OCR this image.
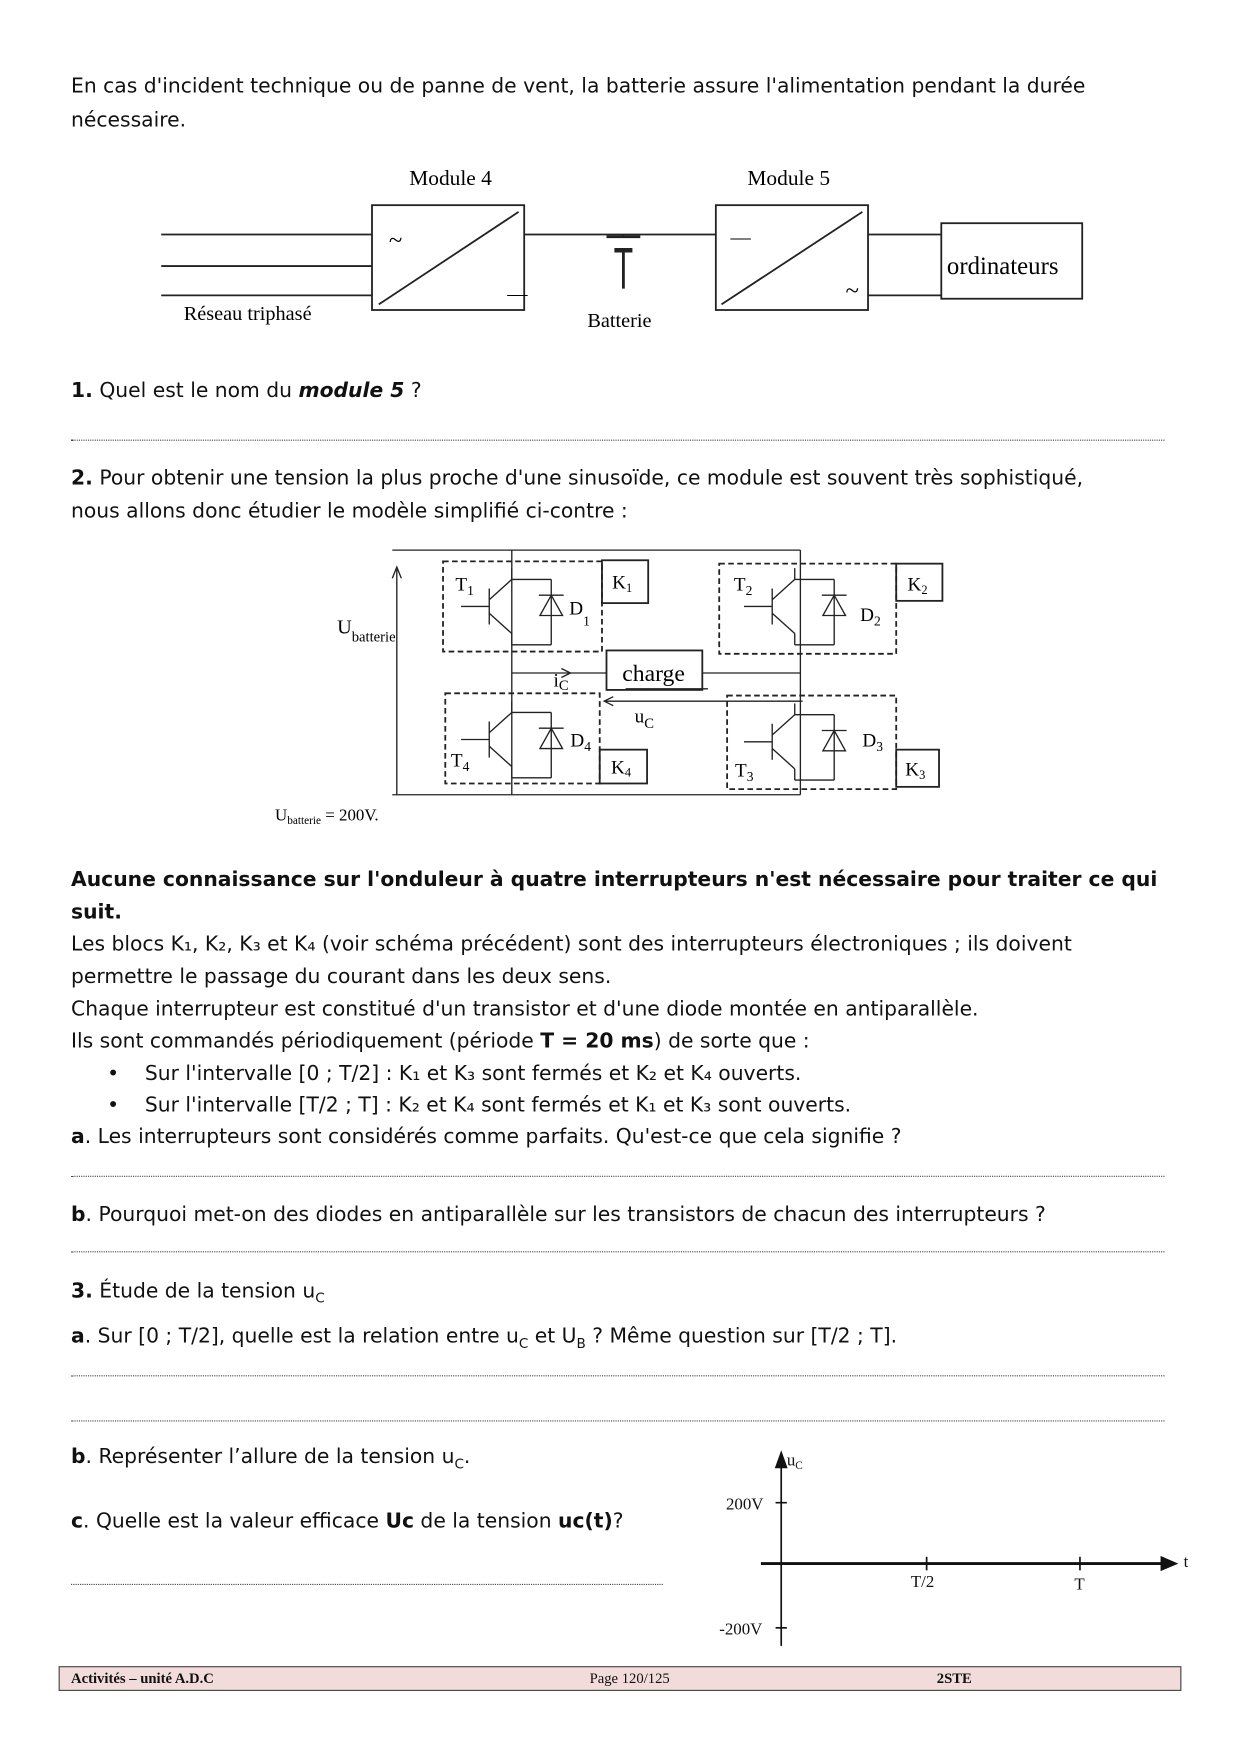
En cas d'incident technique ou de panne de vent, la batterie assure l'alimentation pendant la durée
nécessaire.
Module 4	Module 5
~
—
—
~
Réseau triphasé	Batterie
ordinateurs
1. Quel est le nom du module 5 ?
2. Pour obtenir une tension la plus proche d'une sinusoïde, ce module est souvent très sophistiqué,
nous allons donc étudier le modèle simplifié ci-contre :
$T_1$	$T_2$
$T_3$
$T_4$
$D_1$	$D_2$
$D_3$
$D_4$
K1	K2
K3
K4
charge
iC
$u_C$
$U_{batterie}$
$U_{batterie} = 200V$.
Aucune connaissance sur l'onduleur à quatre interrupteurs n'est nécessaire pour traiter ce qui
suit.
Les blocs K₁, K₂, K₃ et K₄ (voir schéma précédent) sont des interrupteurs électroniques ; ils doivent
permettre le passage du courant dans les deux sens.
Chaque interrupteur est constitué d'un transistor et d'une diode montée en antiparallèle.
Ils sont commandés périodiquement (période T = 20 ms) de sorte que :
•    Sur l'intervalle [0 ; T/2] : K₁ et K₃ sont fermés et K₂ et K₄ ouverts.
•    Sur l'intervalle [T/2 ; T] : K₂ et K₄ sont fermés et K₁ et K₃ sont ouverts.
a. Les interrupteurs sont considérés comme parfaits. Qu'est-ce que cela signifie ?
b. Pourquoi met-on des diodes en antiparallèle sur les transistors de chacun des interrupteurs ?
3. Étude de la tension $u_C$
a. Sur [0 ; T/2], quelle est la relation entre $u_C$ et $U_B$ ? Même question sur [T/2 ; T].
b. Représenter l’allure de la tension $u_C$.
c. Quelle est la valeur efficace Uc de la tension uc(t)?
$u_C$
200V
-200V
t
T/2	T
Activités – unité A.D.C	Page 120/125	2STE
